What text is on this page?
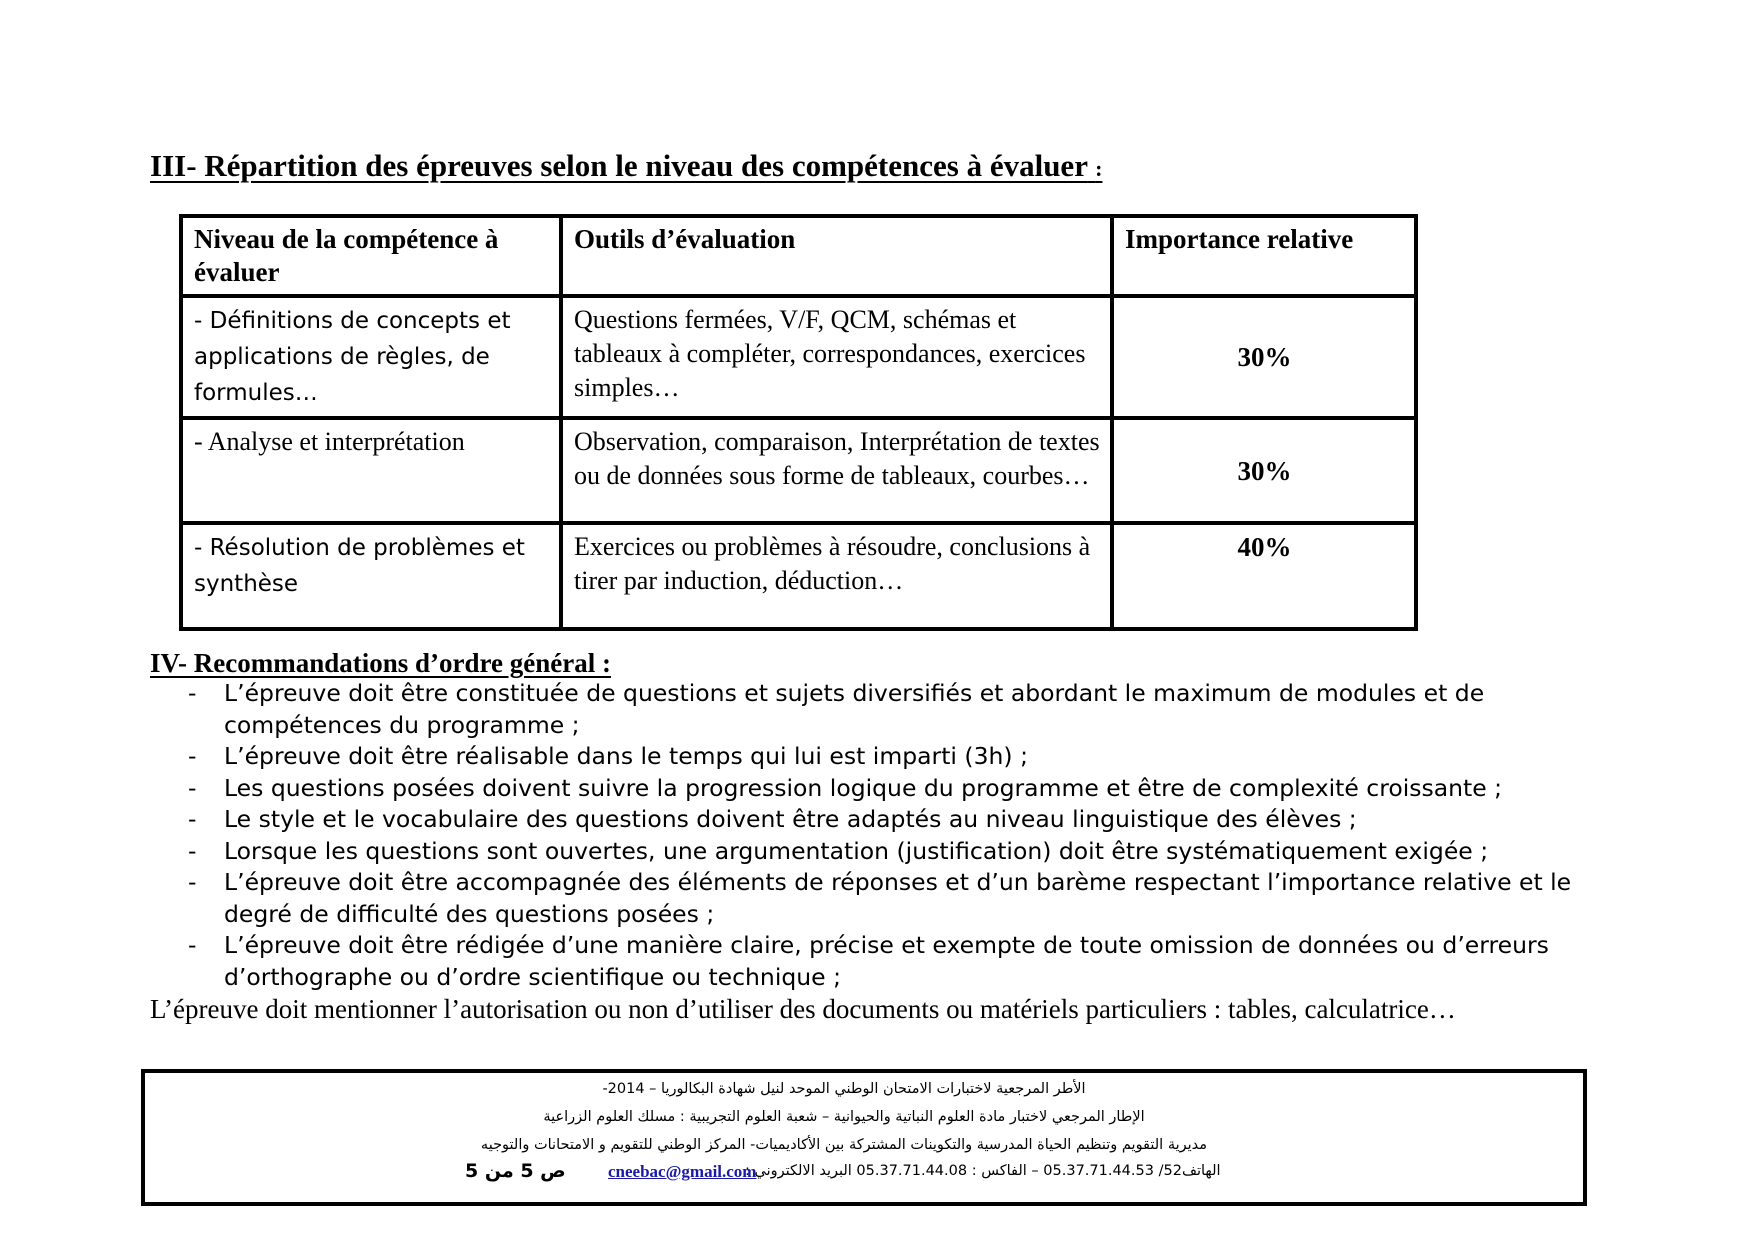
III- Répartition des épreuves selon le niveau des compétences à évaluer :
Niveau de la compétence à évaluer	Outils d’évaluation	Importance relative
- Définitions de concepts et applications de règles, de formules…	Questions fermées, V/F, QCM, schémas et tableaux à compléter, correspondances, exercices simples…	30%
- Analyse et interprétation	Observation, comparaison, Interprétation de textes ou de données sous forme de tableaux, courbes…	30%
- Résolution de problèmes et synthèse	Exercices ou problèmes à résoudre, conclusions à tirer par induction, déduction…	40%
IV- Recommandations d’ordre général :
- L’épreuve doit être constituée de questions et sujets diversifiés et abordant le maximum de modules et de compétences du programme ;
- L’épreuve doit être réalisable dans le temps qui lui est imparti (3h) ;
- Les questions posées doivent suivre la progression logique du programme et être de complexité croissante ;
- Le style et le vocabulaire des questions doivent être adaptés au niveau linguistique des élèves ;
- Lorsque les questions sont ouvertes, une argumentation (justification) doit être systématiquement exigée ;
- L’épreuve doit être accompagnée des éléments de réponses et d’un barème respectant l’importance relative et le degré de difficulté des questions posées ;
- L’épreuve doit être rédigée d’une manière claire, précise et exempte de toute omission de données ou d’erreurs d’orthographe ou d’ordre scientifique ou technique ;
L’épreuve doit mentionner l’autorisation ou non d’utiliser des documents ou matériels particuliers : tables, calculatrice…
الأطر المرجعية لاختبارات الامتحان الوطني الموحد لنيل شهادة البكالوريا – 2014-
الإطار المرجعي لاختبار مادة العلوم النباتية والحيوانية – شعبة العلوم التجريبية : مسلك العلوم الزراعية
مديرية التقويم وتنظيم الحياة المدرسية والتكوينات المشتركة بين الأكاديميات- المركز الوطني للتقويم و الامتحانات والتوجيه
الهاتف52/ 05.37.71.44.53 – الفاكس : 05.37.71.44.08 البريد الالكتروني :
cneebac@gmail.com
ص 5 من 5
